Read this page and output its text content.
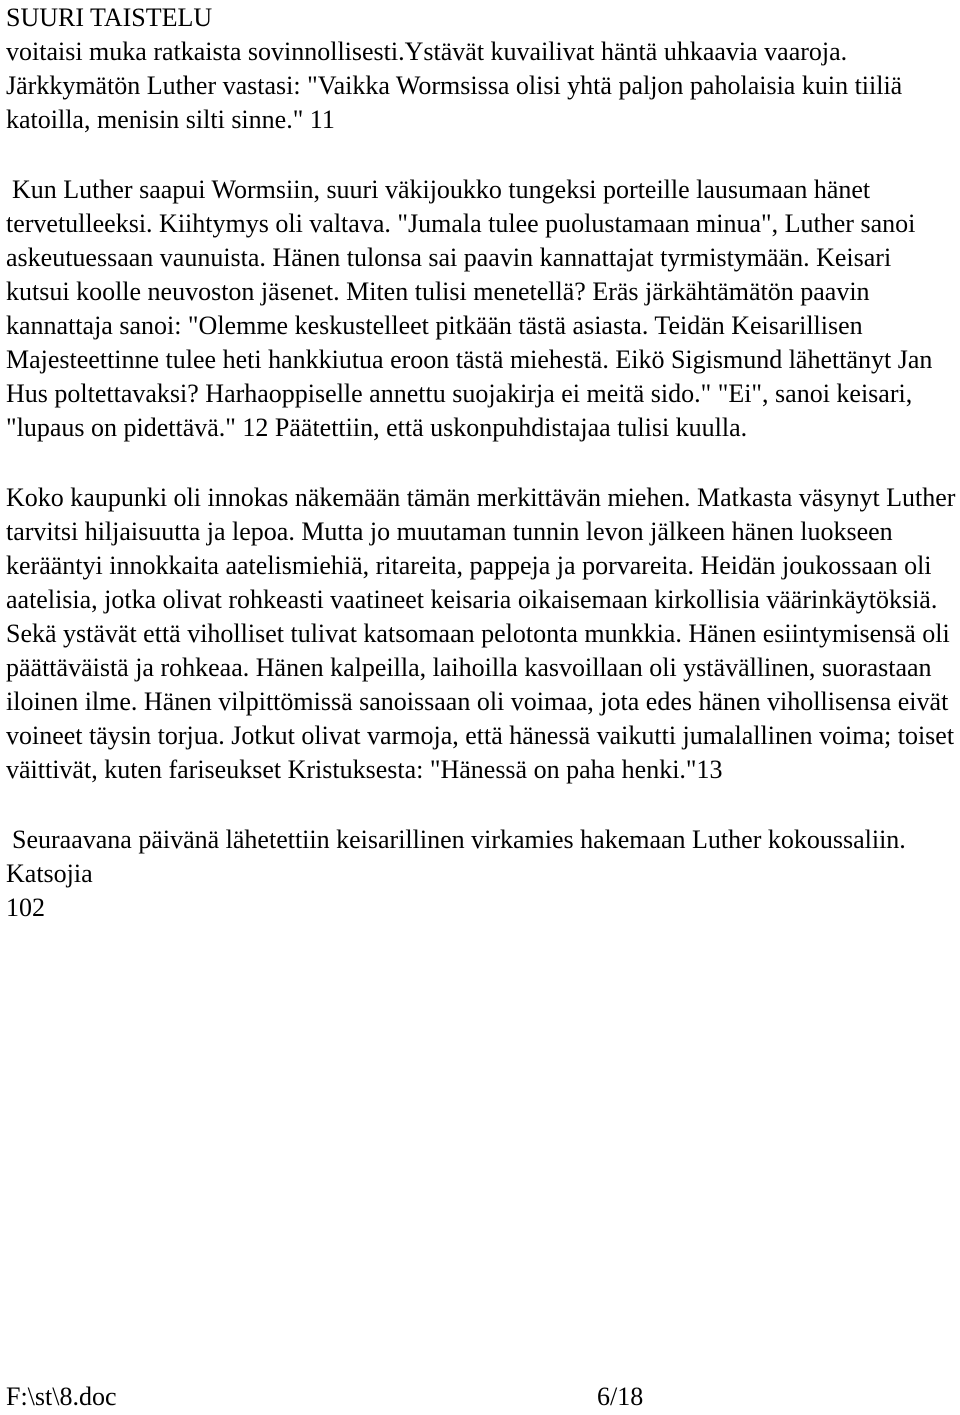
SUURI TAISTELU

voitaisi muka ratkaista sovinnollisesti.Ystävät kuvailivat häntä uhkaavia vaaroja. Järkkymätön Luther vastasi: "Vaikka Wormsissa olisi yhtä paljon paholaisia kuin tiiliä katoilla, menisin silti sinne." 11

Kun Luther saapui Wormsiin, suuri väkijoukko tungeksi porteille lausumaan hänet tervetulleeksi. Kiihtymys oli valtava. "Jumala tulee puolustamaan minua", Luther sanoi askeutuessaan vaunuista. Hänen tulonsa sai paavin kannattajat tyrmistymään. Keisari kutsui koolle neuvoston jäsenet. Miten tulisi menetellä? Eräs järkähtämätön paavin kannattaja sanoi: "Olemme keskustelleet pitkään tästä asiasta. Teidän Keisarillisen Majesteettinne tulee heti hankkiutua eroon tästä miehestä. Eikö Sigismund lähettänyt Jan Hus poltettavaksi? Harhaoppiselle annettu suojakirja ei meitä sido." "Ei", sanoi keisari, "lupaus on pidettävä." 12 Päätettiin, että uskonpuhdistajaa tulisi kuulla.

Koko kaupunki oli innokas näkemään tämän merkittävän miehen. Matkasta väsynyt Luther tarvitsi hiljaisuutta ja lepoa. Mutta jo muutaman tunnin levon jälkeen hänen luokseen kerääntyi innokkaita aatelismiehiä, ritareita, pappeja ja porvareita. Heidän joukossaan oli aatelisia, jotka olivat rohkeasti vaatineet keisaria oikaisemaan kirkollisia väärinkäytöksiä. Sekä ystävät että viholliset tulivat katsomaan pelotonta munkkia. Hänen esiintymisensä oli päättäväistä ja rohkeaa. Hänen kalpeilla, laihoilla kasvoillaan oli ystävällinen, suorastaan iloinen ilme. Hänen vilpittömissä sanoissaan oli voimaa, jota edes hänen vihollisensa eivät voineet täysin torjua. Jotkut olivat varmoja, että hänessä vaikutti jumalallinen voima; toiset väittivät, kuten fariseukset Kristuksesta: "Hänessä on paha henki."13

Seuraavana päivänä lähetettiin keisarillinen virkamies hakemaan Luther kokoussaliin. Katsojia

102

F:\st\8.doc	6/18
